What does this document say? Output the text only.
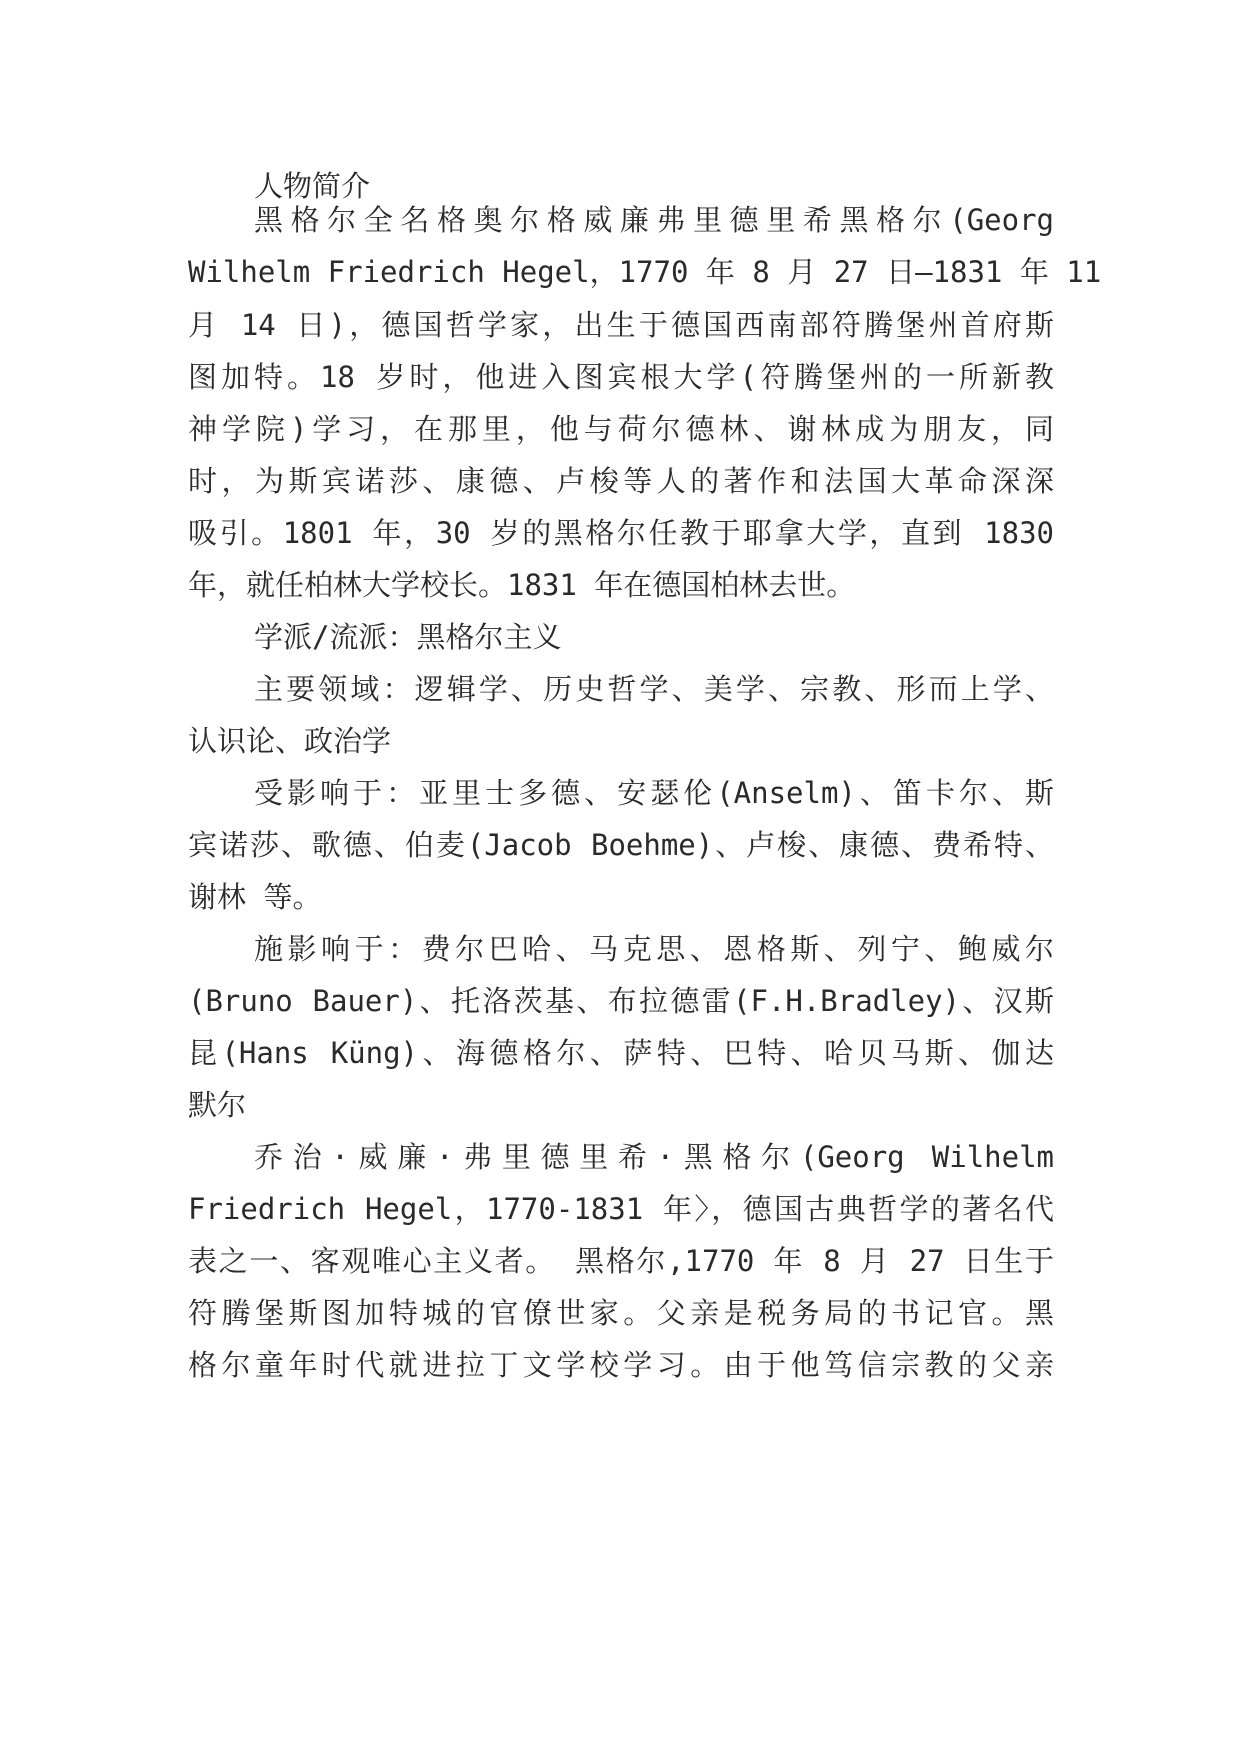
人物简介
黑格尔全名格奥尔格威廉弗里德里希黑格尔(Georg
Wilhelm Friedrich Hegel，1770 年 8 月 27 日—1831 年 11
月 14 日)，德国哲学家，出生于德国西南部符腾堡州首府斯
图加特。18 岁时，他进入图宾根大学(符腾堡州的一所新教
神学院)学习，在那里，他与荷尔德林、谢林成为朋友，同
时，为斯宾诺莎、康德、卢梭等人的著作和法国大革命深深
吸引。1801 年，30 岁的黑格尔任教于耶拿大学，直到 1830
年，就任柏林大学校长。1831 年在德国柏林去世。
学派/流派：黑格尔主义
主要领域：逻辑学、历史哲学、美学、宗教、形而上学、
认识论、政治学
受影响于：亚里士多德、安瑟伦(Anselm)、笛卡尔、斯
宾诺莎、歌德、伯麦(Jacob Boehme)、卢梭、康德、费希特、
谢林 等。
施影响于：费尔巴哈、马克思、恩格斯、列宁、鲍威尔
(Bruno Bauer)、托洛茨基、布拉德雷(F.H.Bradley)、汉斯
昆(Hans Küng)、海德格尔、萨特、巴特、哈贝马斯、伽达
默尔
乔治·威廉·弗里德里希·黑格尔(Georg Wilhelm
Friedrich Hegel，1770-1831 年〉，德国古典哲学的著名代
表之一、客观唯心主义者。 黑格尔,1770 年 8 月 27 日生于
符腾堡斯图加特城的官僚世家。父亲是税务局的书记官。黑
格尔童年时代就进拉丁文学校学习。由于他笃信宗教的父亲
